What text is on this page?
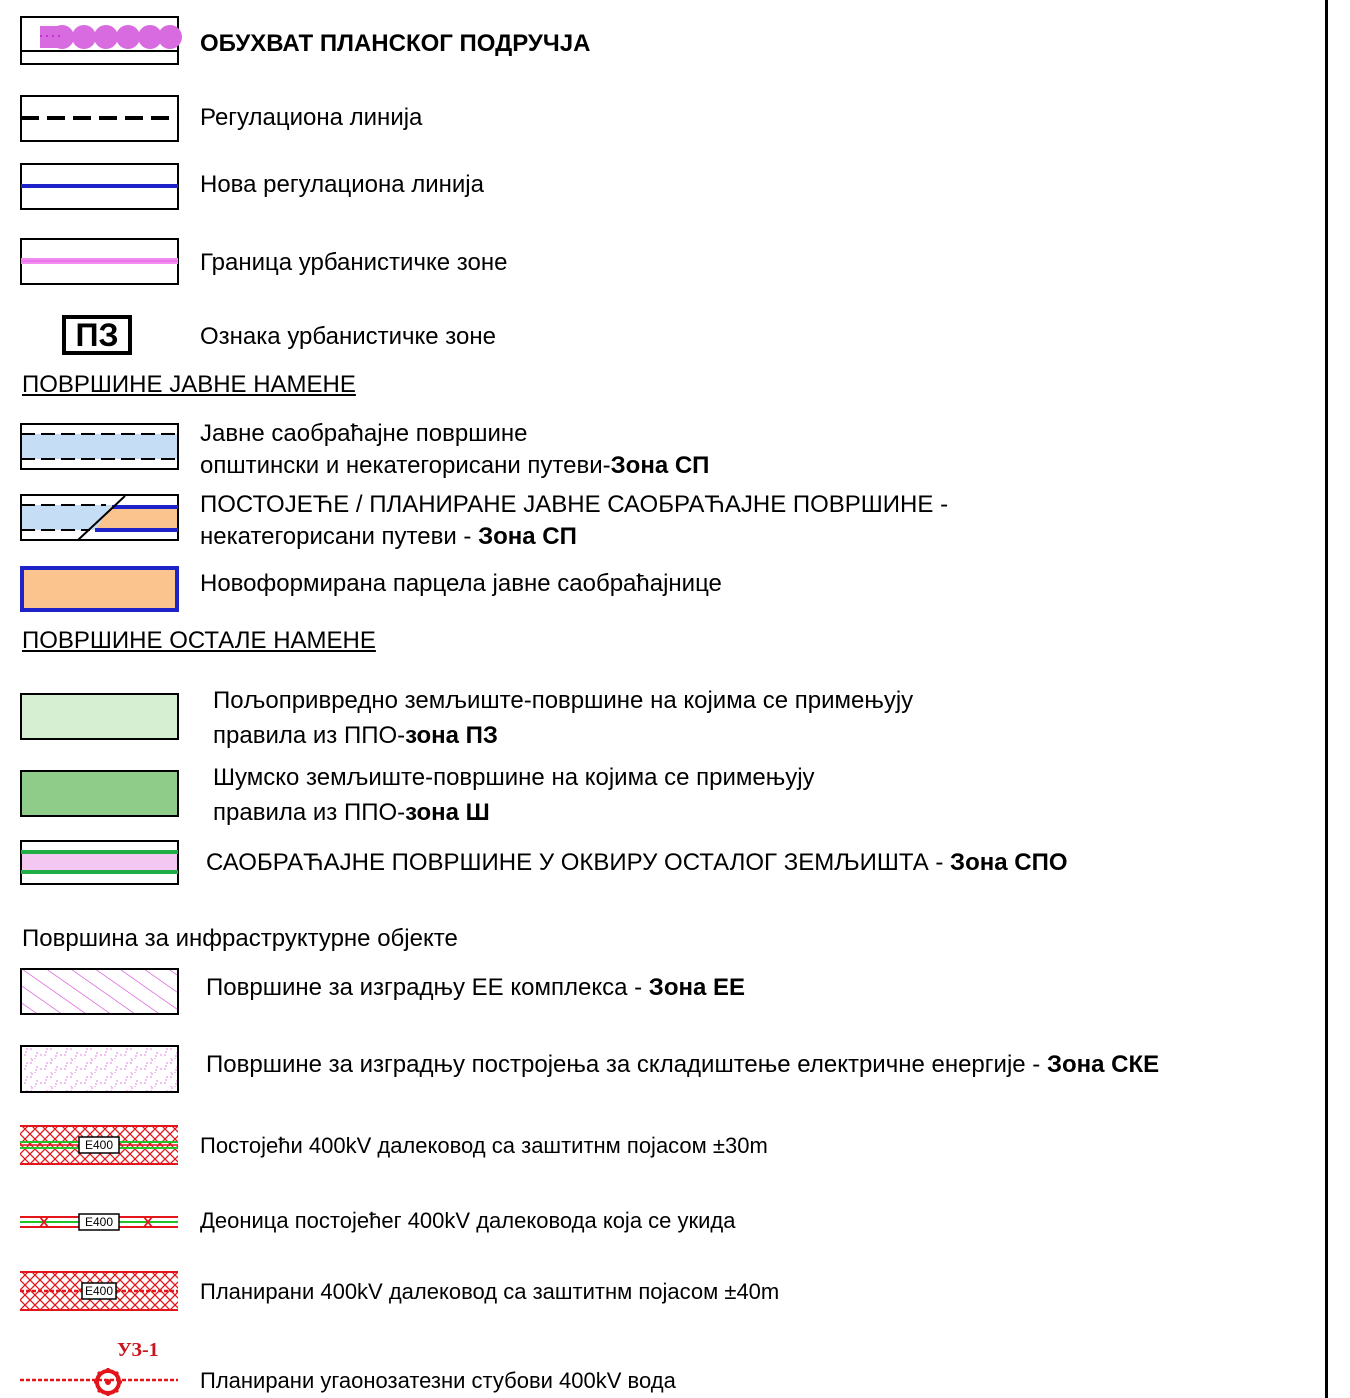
ОБУХВАТ ПЛАНСКОГ ПОДРУЧЈА
Регулациона линија
Нова регулациона линија
Граница урбанистичке зоне
ПЗ	Ознака урбанистичке зоне
ПОВРШИНЕ ЈАВНЕ НАМЕНЕ
Јавне саобраћајне површине
општински и некатегорисани путеви-Зона СП
ПОСТОЈЕЋЕ / ПЛАНИРАНЕ ЈАВНЕ САОБРАЋАЈНЕ ПОВРШИНЕ -
некатегорисани путеви - Зона СП
Новоформирана парцела јавне саобраћајнице
ПОВРШИНЕ ОСТАЛЕ НАМЕНЕ
Пољопривредно земљиште-површине на којима се примењују
правила из ППО-зона ПЗ
Шумско земљиште-површине на којима се примењују
правила из ППО-зона Ш
САОБРАЋАЈНЕ ПОВРШИНЕ У ОКВИРУ ОСТАЛОГ ЗЕМЉИШТА - Зона СПО
Површина за инфраструктурне објекте
Површине за изградњу ЕЕ комплекса - Зона ЕЕ
Површине за изградњу постројења за складиштење електричне енергије - Зона СКЕ
E400	Постојећи 400kV далековод са заштитнм појасом ±30m
E400	Деоница постојећег 400kV далековода која се укида
E400	Планирани 400kV далековод са заштитнм појасом ±40m
УЗ-1
Планирани угаонозатезни стубови 400kV вода
